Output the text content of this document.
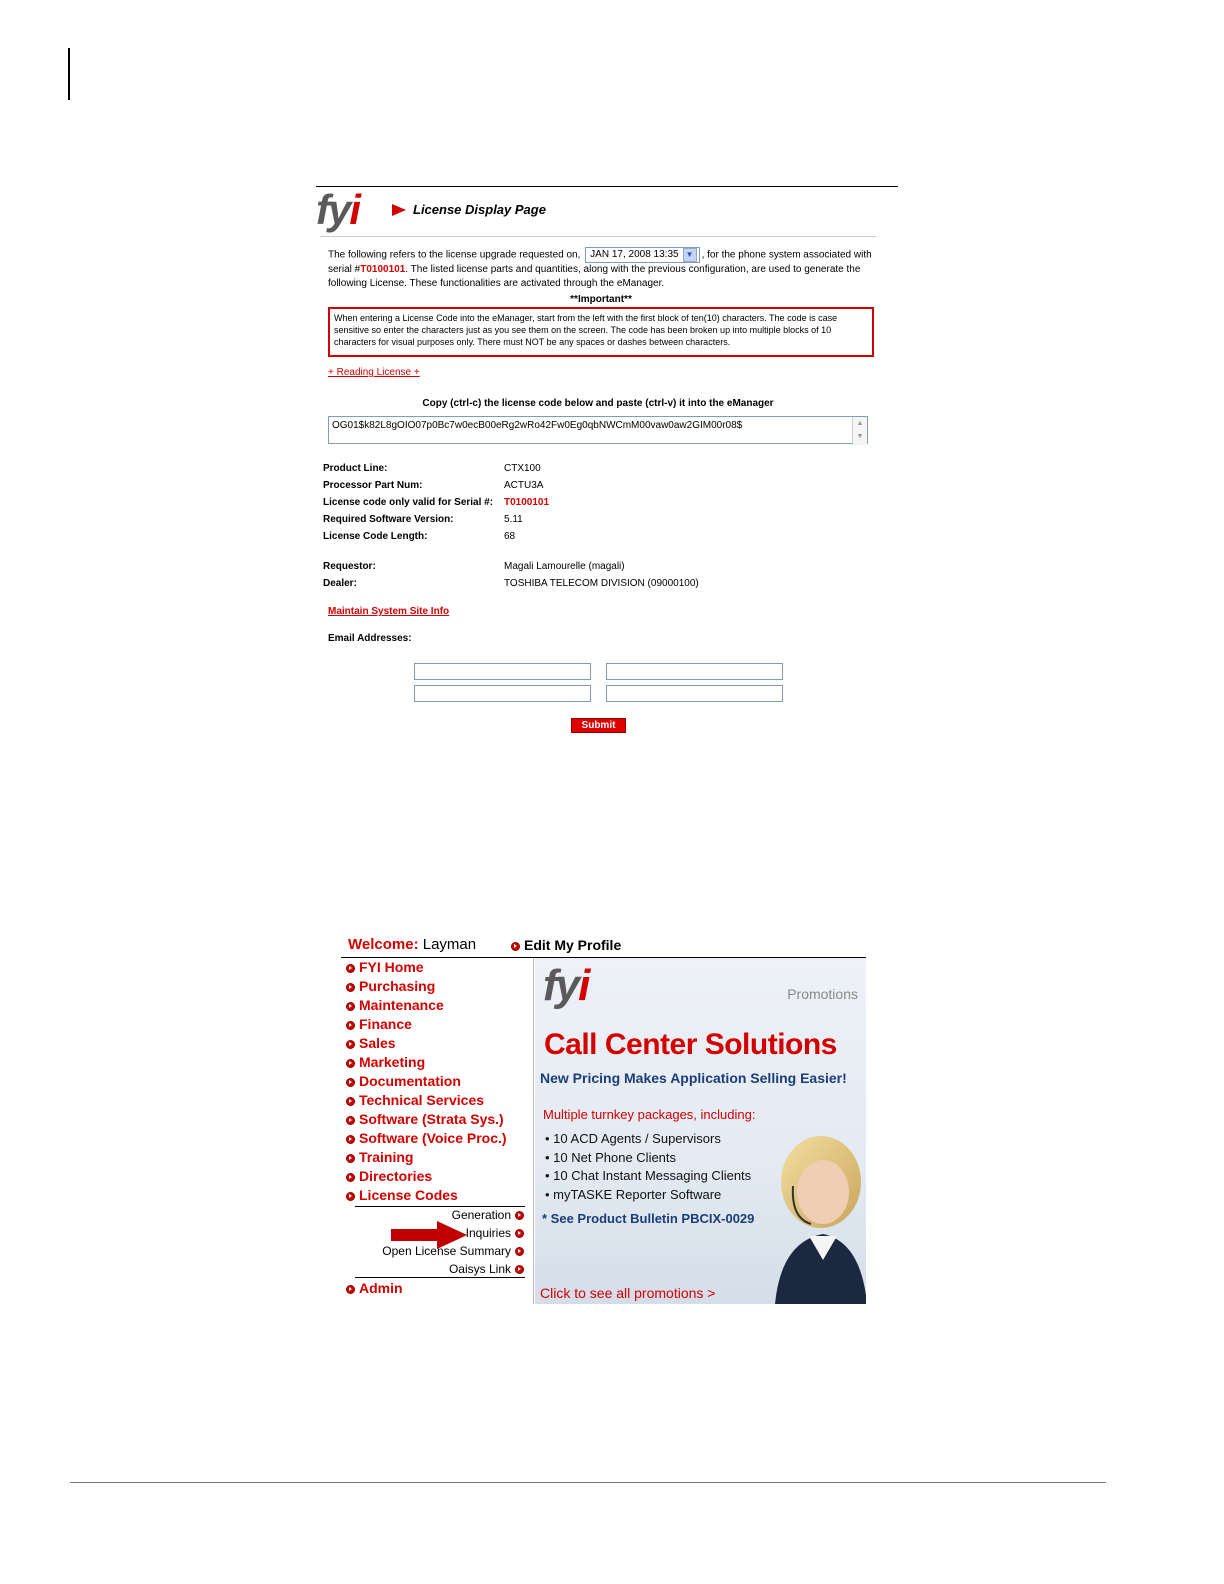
fyi	License Display Page
The following refers to the license upgrade requested on, JAN 17, 2008 13:35 ▼ , for the phone system associated with serial #T0100101. The listed license parts and quantities, along with the previous configuration, are used to generate the following License. These functionalities are activated through the eManager.
**Important**
When entering a License Code into the eManager, start from the left with the first block of ten(10) characters. The code is case sensitive so enter the characters just as you see them on the screen. The code has been broken up into multiple blocks of 10 characters for visual purposes only. There must NOT be any spaces or dashes between characters.
+ Reading License +
Copy (ctrl-c) the license code below and paste (ctrl-v) it into the eManager
OG01$k82L8gOIO07p0Bc7w0ecB00eRg2wRo42Fw0Eg0qbNWCmM00vaw0aw2GIM00r08$	▲
▼
Product Line:	CTX100
Processor Part Num:	ACTU3A
License code only valid for Serial #: T0100101
Required Software Version:	5.11
License Code Length:	68
Requestor:	Magali Lamourelle (magali)
Dealer:	TOSHIBA TELECOM DIVISION (09000100)
Maintain System Site Info
Email Addresses:
Submit
Welcome: Layman	Edit My Profile
FYI Home
Purchasing
Maintenance
Finance
Sales
Marketing
Documentation
Technical Services
Software (Strata Sys.)
Software (Voice Proc.)
Training
Directories
License Codes
Generation
Inquiries
Open License Summary
Oaisys Link
Admin
fyi	Promotions
Call Center Solutions
New Pricing Makes Application Selling Easier!
Multiple turnkey packages, including:
• 10 ACD Agents / Supervisors
• 10 Net Phone Clients
• 10 Chat Instant Messaging Clients
• myTASKE Reporter Software
* See Product Bulletin PBCIX-0029
Click to see all promotions >
